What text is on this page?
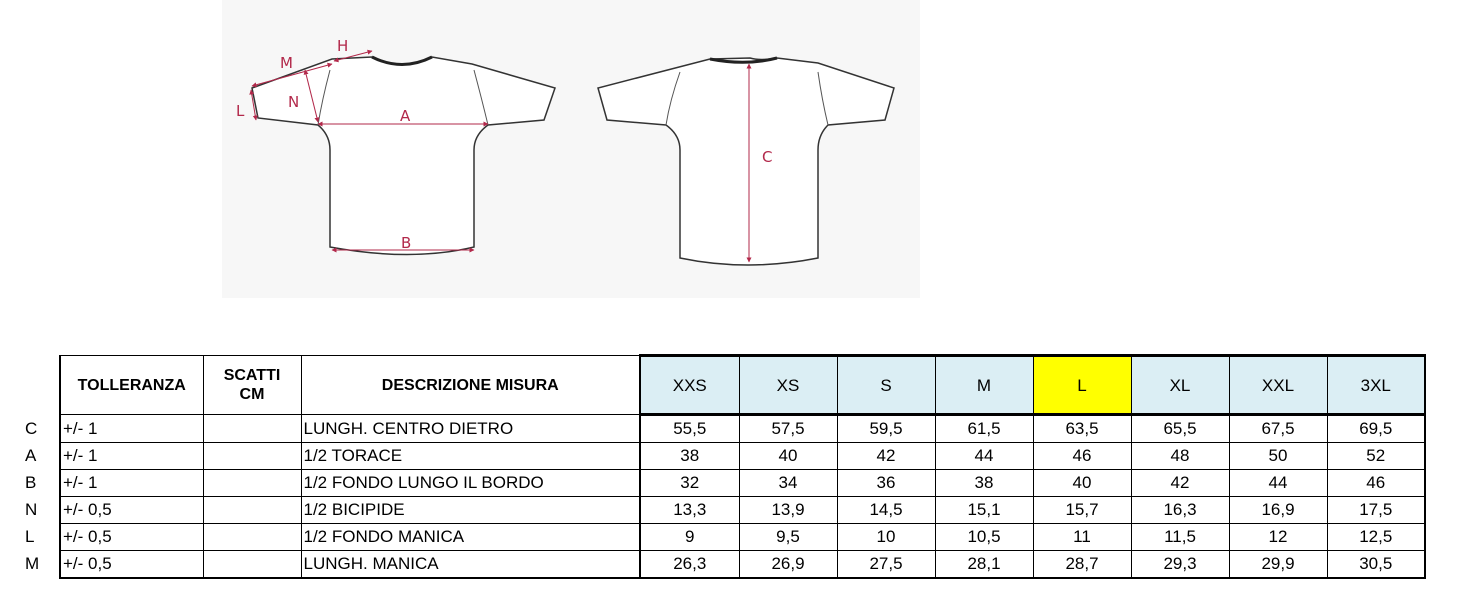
M
H
N
L	A
B
C
	TOLLERANZA	SCATTI
CM	DESCRIZIONE MISURA	XXS	XS	S	M	L	XL	XXL	3XL
C	+/- 1		LUNGH. CENTRO DIETRO	55,5	57,5	59,5	61,5	63,5	65,5	67,5	69,5
A	+/- 1		1/2 TORACE	38	40	42	44	46	48	50	52
B	+/- 1		1/2 FONDO LUNGO IL BORDO	32	34	36	38	40	42	44	46
N	+/- 0,5		1/2 BICIPIDE	13,3	13,9	14,5	15,1	15,7	16,3	16,9	17,5
L	+/- 0,5		1/2 FONDO MANICA	9	9,5	10	10,5	11	11,5	12	12,5
M	+/- 0,5		LUNGH. MANICA	26,3	26,9	27,5	28,1	28,7	29,3	29,9	30,5
